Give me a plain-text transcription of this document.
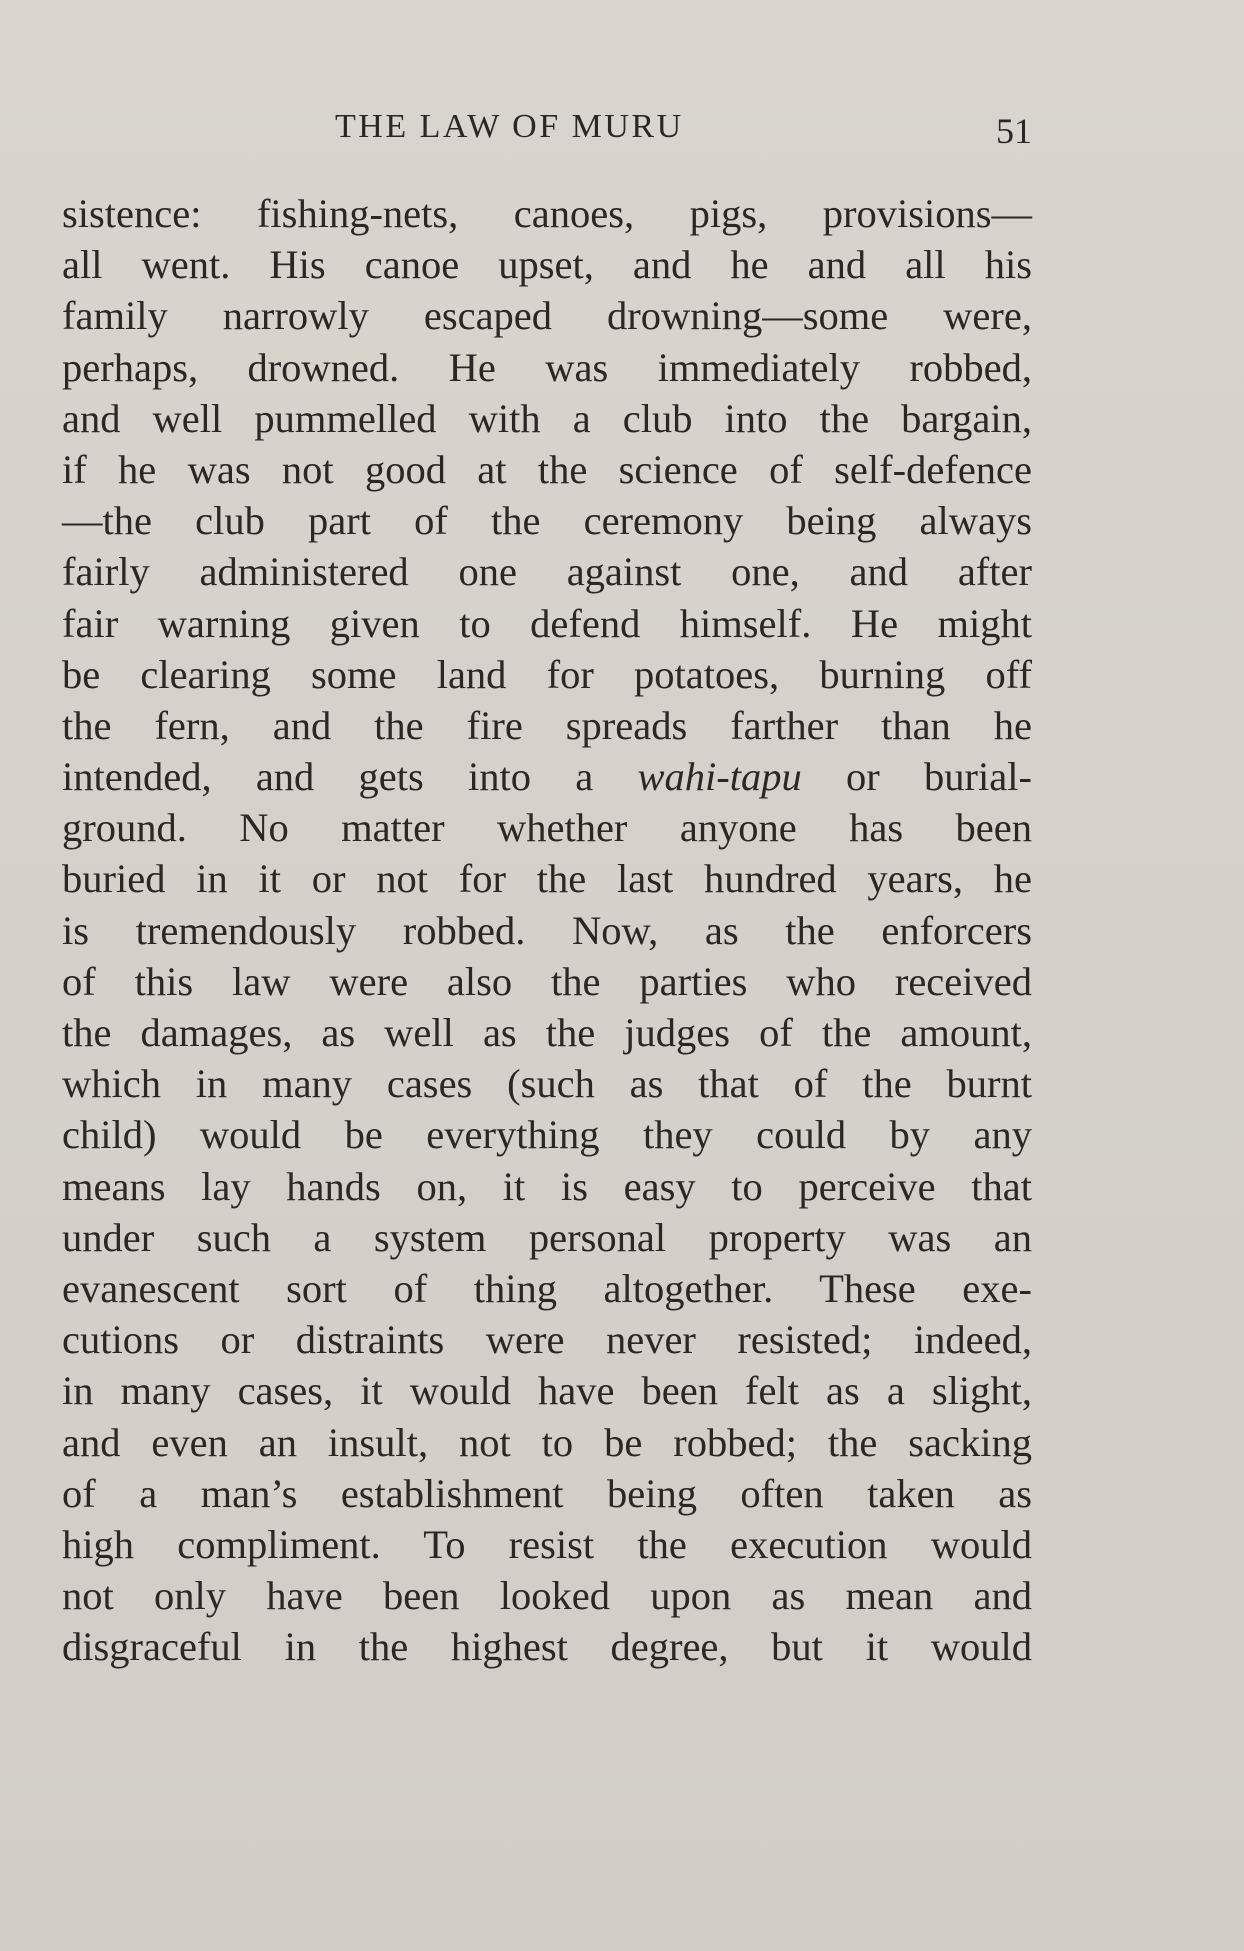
THE LAW OF MURU	51
sistence: fishing-nets, canoes, pigs, provisions—
all went. His canoe upset, and he and all his
family narrowly escaped drowning—some were,
perhaps, drowned. He was immediately robbed,
and well pummelled with a club into the bargain,
if he was not good at the science of self-defence
—the club part of the ceremony being always
fairly administered one against one, and after
fair warning given to defend himself. He might
be clearing some land for potatoes, burning off
the fern, and the fire spreads farther than he
intended, and gets into a wahi-tapu or burial-
ground. No matter whether anyone has been
buried in it or not for the last hundred years, he
is tremendously robbed. Now, as the enforcers
of this law were also the parties who received
the damages, as well as the judges of the amount,
which in many cases (such as that of the burnt
child) would be everything they could by any
means lay hands on, it is easy to perceive that
under such a system personal property was an
evanescent sort of thing altogether. These exe-
cutions or distraints were never resisted; indeed,
in many cases, it would have been felt as a slight,
and even an insult, not to be robbed; the sacking
of a man’s establishment being often taken as
high compliment. To resist the execution would
not only have been looked upon as mean and
disgraceful in the highest degree, but it would
